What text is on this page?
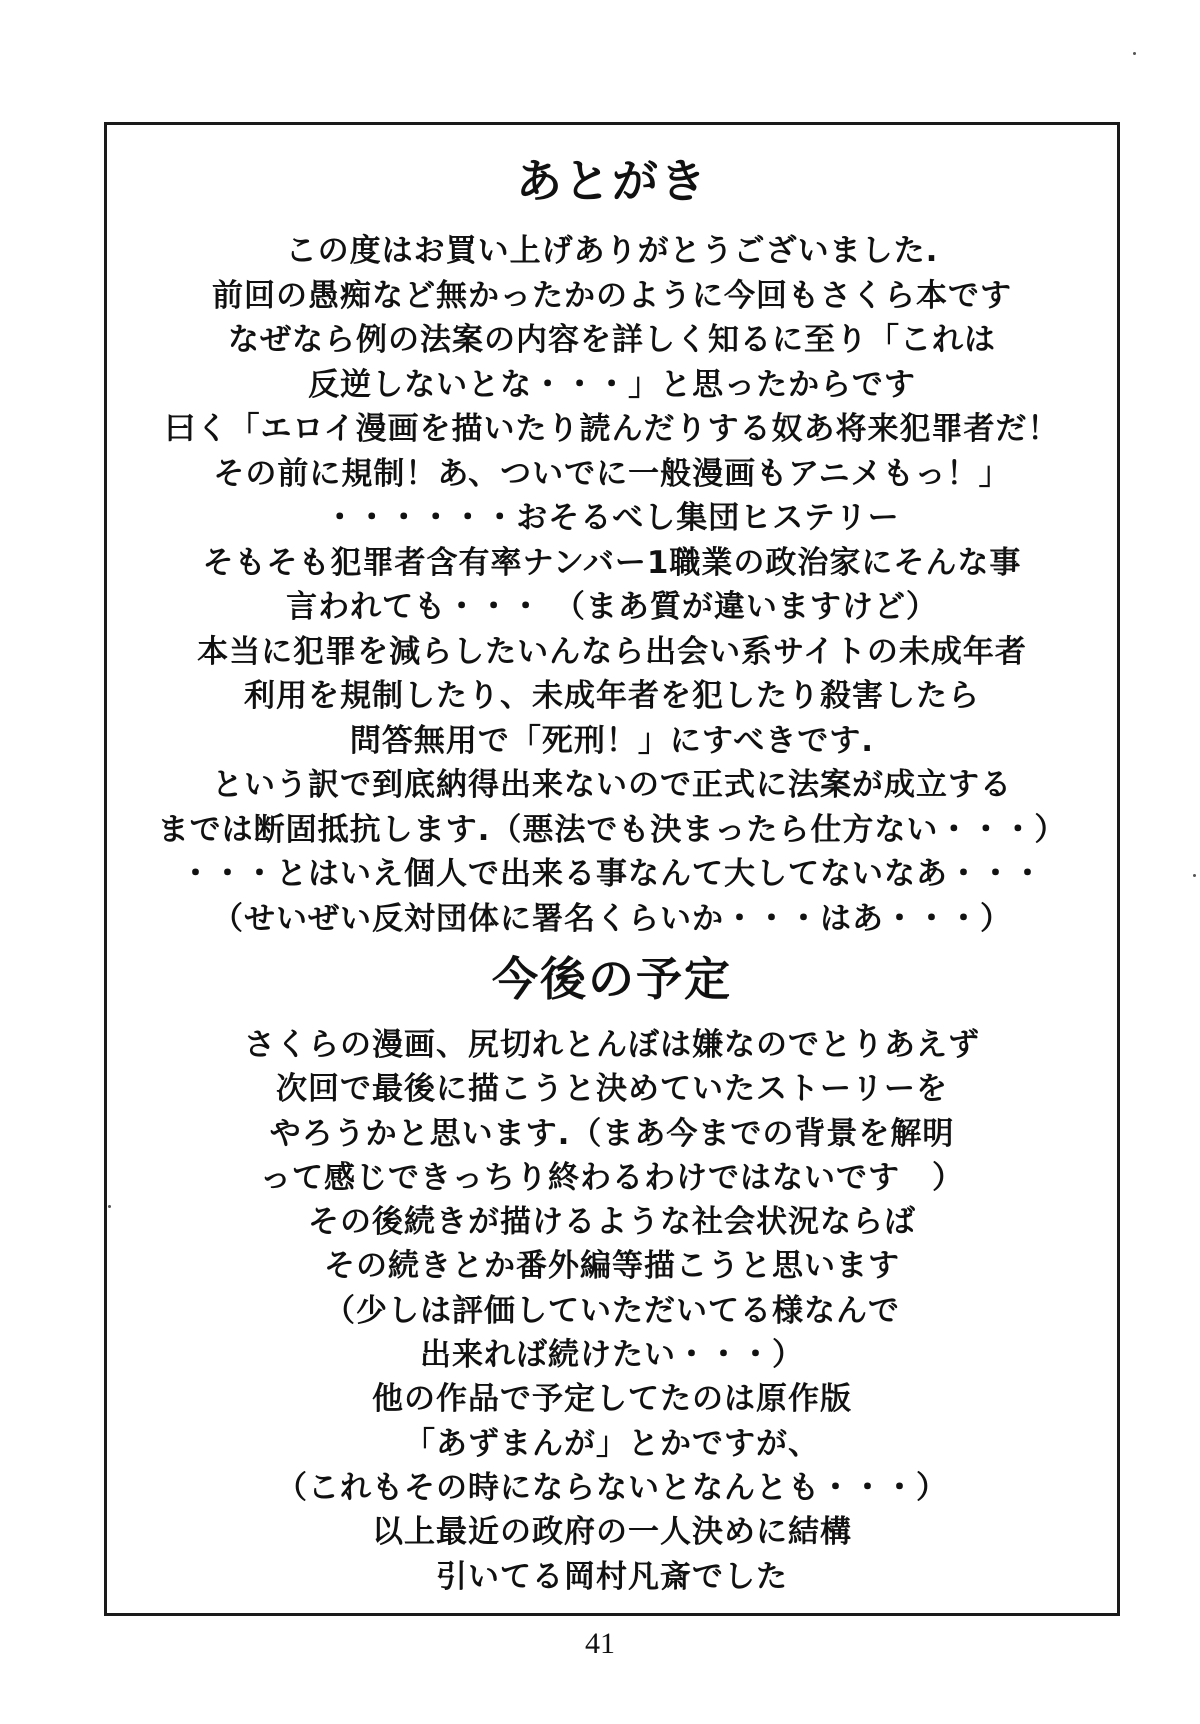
あとがき
この度はお買い上げありがとうございました.
前回の愚痴など無かったかのように今回もさくら本です
なぜなら例の法案の内容を詳しく知るに至り「これは
反逆しないとな・・・」と思ったからです
曰く「エロイ漫画を描いたり読んだりする奴あ将来犯罪者だ！
その前に規制！あ、ついでに一般漫画もアニメもっ！」
・・・・・・おそるべし集団ヒステリー
そもそも犯罪者含有率ナンバー1職業の政治家にそんな事
言われても・・・ （まあ質が違いますけど）
本当に犯罪を減らしたいんなら出会い系サイトの未成年者
利用を規制したり、未成年者を犯したり殺害したら
問答無用で「死刑！」にすべきです.
という訳で到底納得出来ないので正式に法案が成立する
までは断固抵抗します.（悪法でも決まったら仕方ない・・・）
・・・とはいえ個人で出来る事なんて大してないなあ・・・
（せいぜい反対団体に署名くらいか・・・はあ・・・）
今後の予定
さくらの漫画、尻切れとんぼは嫌なのでとりあえず
次回で最後に描こうと決めていたストーリーを
やろうかと思います.（まあ今までの背景を解明
って感じできっちり終わるわけではないです　）
その後続きが描けるような社会状況ならば
その続きとか番外編等描こうと思います
（少しは評価していただいてる様なんで
出来れば続けたい・・・）
他の作品で予定してたのは原作版
「あずまんが」とかですが、
（これもその時にならないとなんとも・・・）
以上最近の政府の一人決めに結構
引いてる岡村凡斎でした
41
